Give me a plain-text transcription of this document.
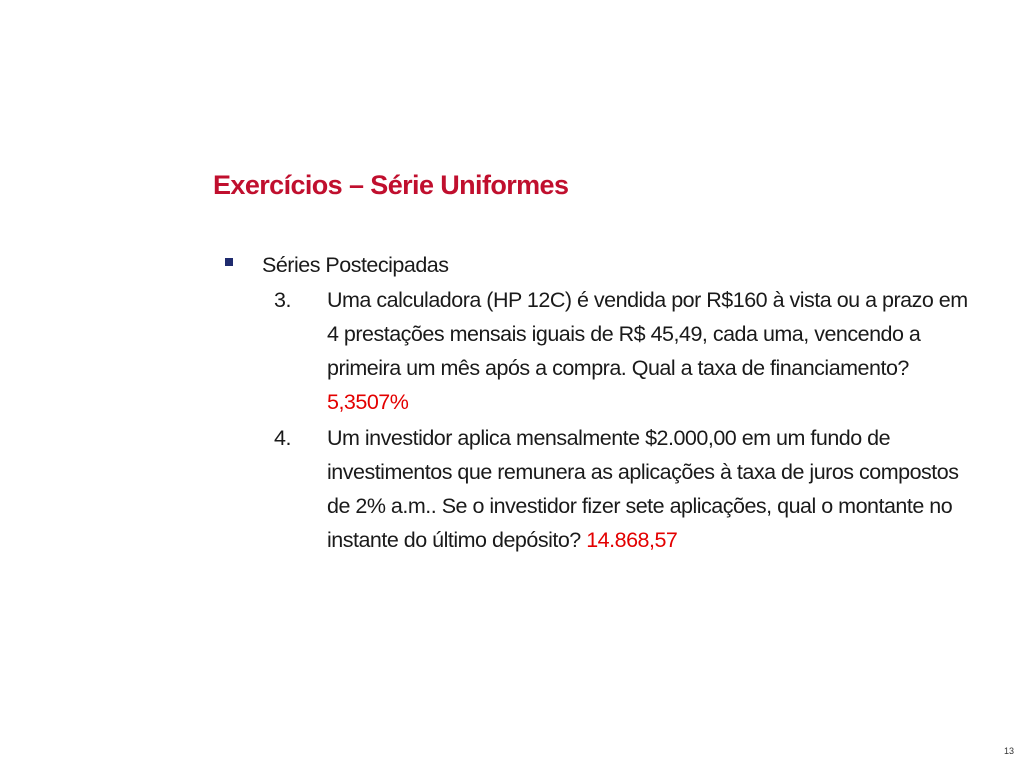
Exercícios – Série Uniformes
Séries Postecipadas
3.	Uma calculadora (HP 12C) é vendida por R$160 à vista ou a prazo em 4 prestações mensais iguais de R$ 45,49, cada uma, vencendo a primeira um mês após a compra. Qual a taxa de financiamento? 5,3507%
4.	Um investidor aplica mensalmente $2.000,00 em um fundo de investimentos que remunera as aplicações à taxa de juros compostos de 2% a.m.. Se o investidor fizer sete aplicações, qual o montante no instante do último depósito? 14.868,57
13
